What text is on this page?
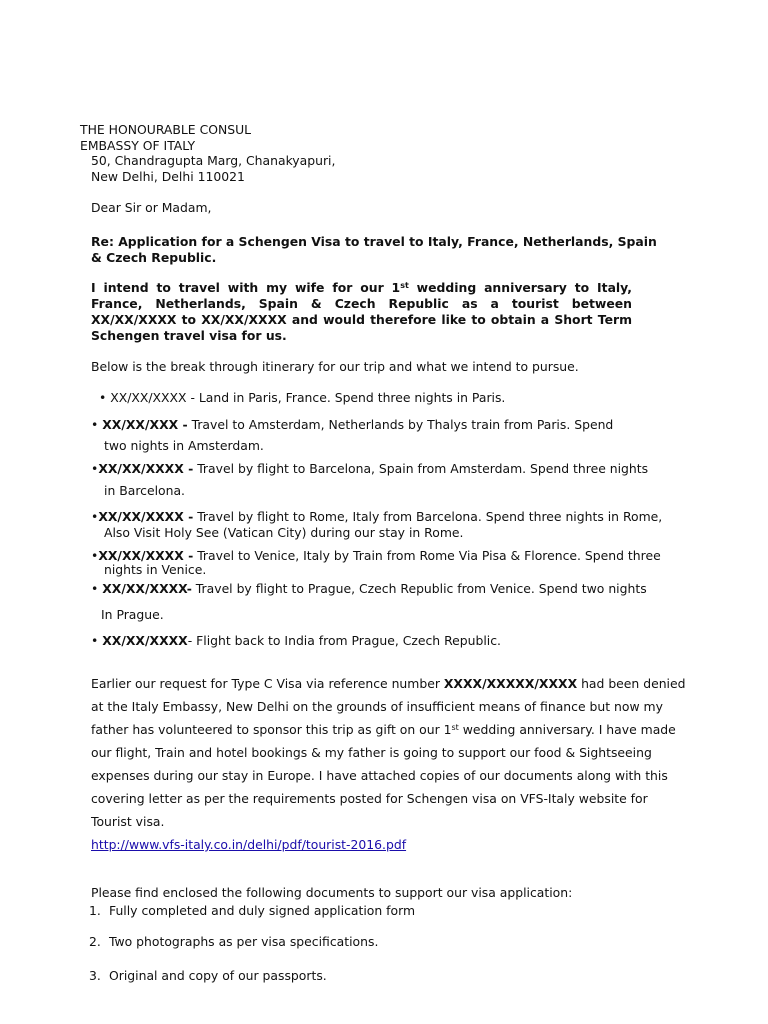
THE HONOURABLE CONSUL
EMBASSY OF ITALY
50, Chandragupta Marg, Chanakyapuri,
New Delhi, Delhi 110021
Dear Sir or Madam,
Re: Application for a Schengen Visa to travel to Italy, France, Netherlands, Spain & Czech Republic.
I intend to travel with my wife for our 1st wedding anniversary to Italy, France, Netherlands, Spain & Czech Republic as a tourist between XX/XX/XXXX to XX/XX/XXXX and would therefore like to obtain a Short Term Schengen travel visa for us.
Below is the break through itinerary for our trip and what we intend to pursue.
• XX/XX/XXXX - Land in Paris, France. Spend three nights in Paris.
• XX/XX/XXX - Travel to Amsterdam, Netherlands by Thalys train from Paris. Spend
two nights in Amsterdam.
•XX/XX/XXXX - Travel by flight to Barcelona, Spain from Amsterdam. Spend three nights
in Barcelona.
•XX/XX/XXXX - Travel by flight to Rome, Italy from Barcelona. Spend three nights in Rome,
Also Visit Holy See (Vatican City) during our stay in Rome.
•XX/XX/XXXX - Travel to Venice, Italy by Train from Rome Via Pisa & Florence. Spend three
nights in Venice.
• XX/XX/XXXX- Travel by flight to Prague, Czech Republic from Venice. Spend two nights
In Prague.
• XX/XX/XXXX- Flight back to India from Prague, Czech Republic.
Earlier our request for Type C Visa via reference number XXXX/XXXXX/XXXX had been denied
at the Italy Embassy, New Delhi on the grounds of insufficient means of finance but now my
father has volunteered to sponsor this trip as gift on our 1st wedding anniversary. I have made
our flight, Train and hotel bookings & my father is going to support our food & Sightseeing
expenses during our stay in Europe. I have attached copies of our documents along with this
covering letter as per the requirements posted for Schengen visa on VFS-Italy website for
Tourist visa.
http://www.vfs-italy.co.in/delhi/pdf/tourist-2016.pdf
Please find enclosed the following documents to support our visa application:
1. Fully completed and duly signed application form
2. Two photographs as per visa specifications.
3. Original and copy of our passports.
